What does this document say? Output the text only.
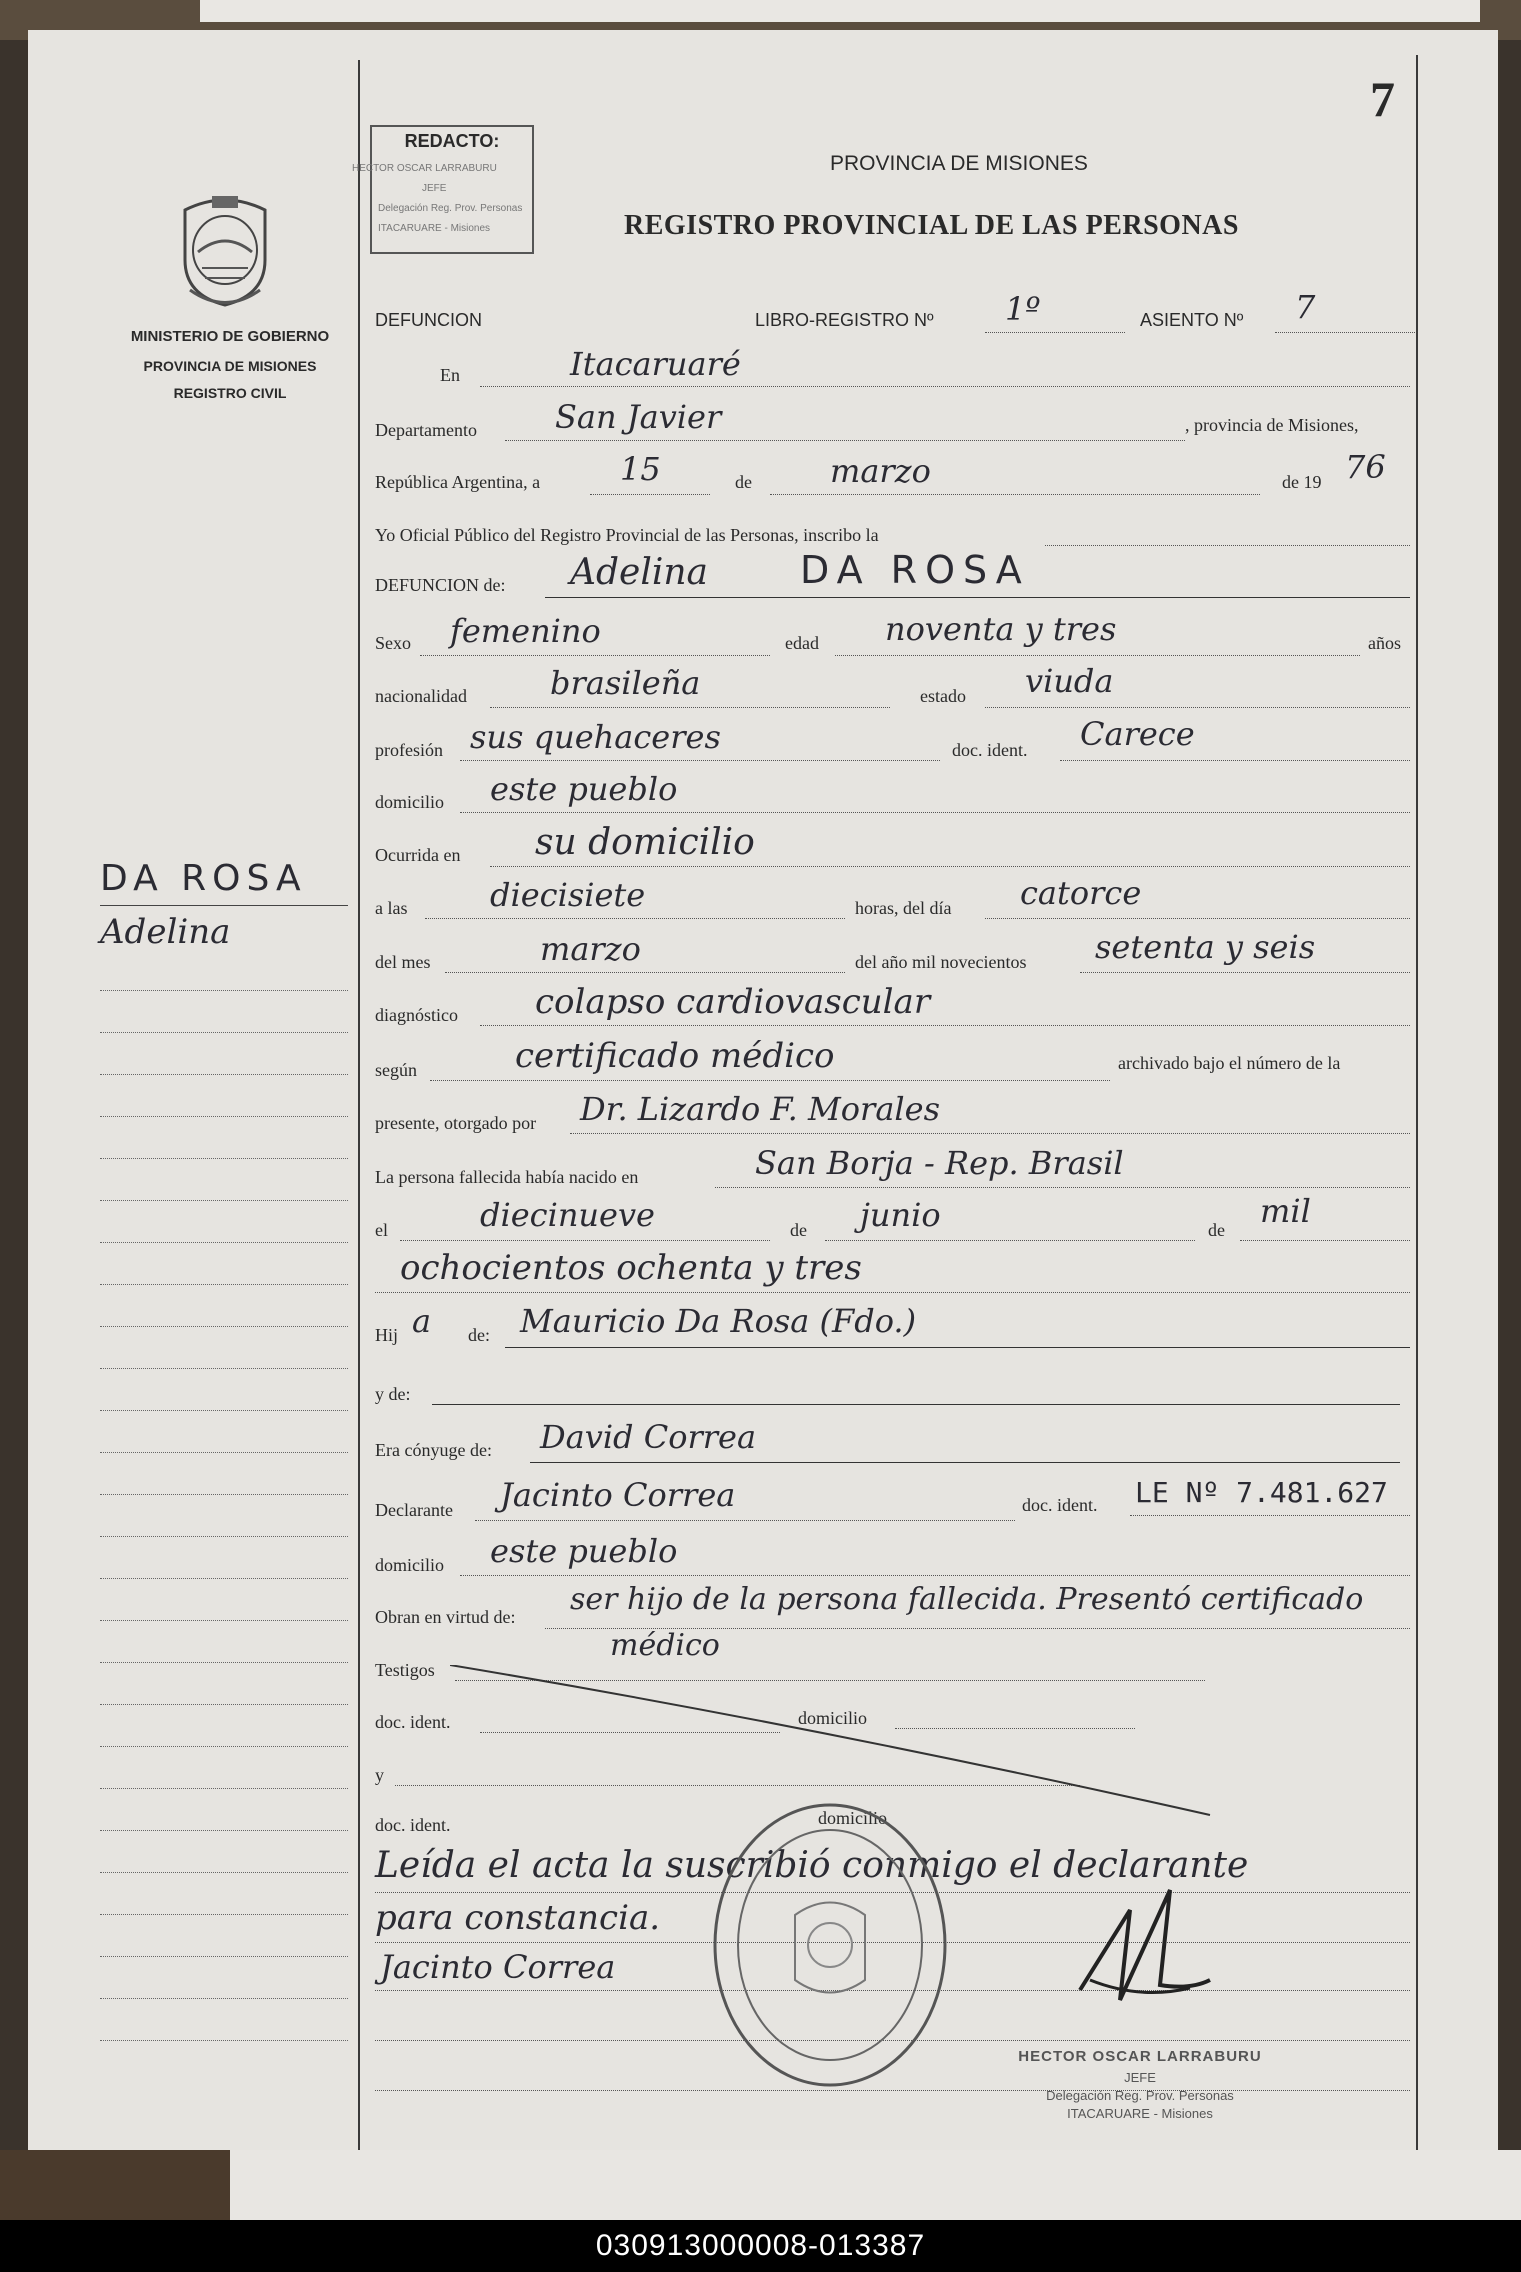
7
REDACTO:
HECTOR OSCAR LARRABURU
JEFE
Delegación Reg. Prov. Personas
ITACARUARE - Misiones
PROVINCIA DE MISIONES
REGISTRO PROVINCIAL DE LAS PERSONAS
MINISTERIO DE GOBIERNO
PROVINCIA DE MISIONES
REGISTRO CIVIL
DA ROSA
Adelina
DEFUNCION	LIBRO-REGISTRO Nº 1º	ASIENTO Nº 7
En	Itacaruaré
Departamento San Javier	, provincia de Misiones,
República Argentina, a 15	de marzo	de 19 76
Yo Oficial Público del Registro Provincial de las Personas, inscribo la
DEFUNCION de: Adelina DA ROSA
Sexo femenino	edad noventa y tres	años
nacionalidad	brasileña	estado viuda
profesión sus quehaceres	doc. ident. Carece
domicilio este pueblo
Ocurrida en su domicilio
a las	diecisiete	horas, del día catorce
del mes	marzo	del año mil novecientos setenta y seis
diagnóstico colapso cardiovascular
según	certificado médico	archivado bajo el número de la
presente, otorgado por Dr. Lizardo F. Morales
La persona fallecida había nacido en	San Borja - Rep. Brasil
el	diecinueve	de junio	de mil
ochocientos ochenta y tres
Hij a de: Mauricio Da Rosa (Fdo.)
y de:
Era cónyuge de: David Correa
Declarante Jacinto Correa	doc. ident. LE Nº 7.481.627
domicilio este pueblo
Obran en virtud de: ser hijo de la persona fallecida. Presentó certificado
médico
Testigos
doc. ident.	domicilio
y
doc. ident.	domicilio
Leída el acta la suscribió conmigo el declarante
para constancia.
Jacinto Correa
HECTOR OSCAR LARRABURU
JEFE
Delegación Reg. Prov. Personas
ITACARUARE - Misiones
030913000008-013387
